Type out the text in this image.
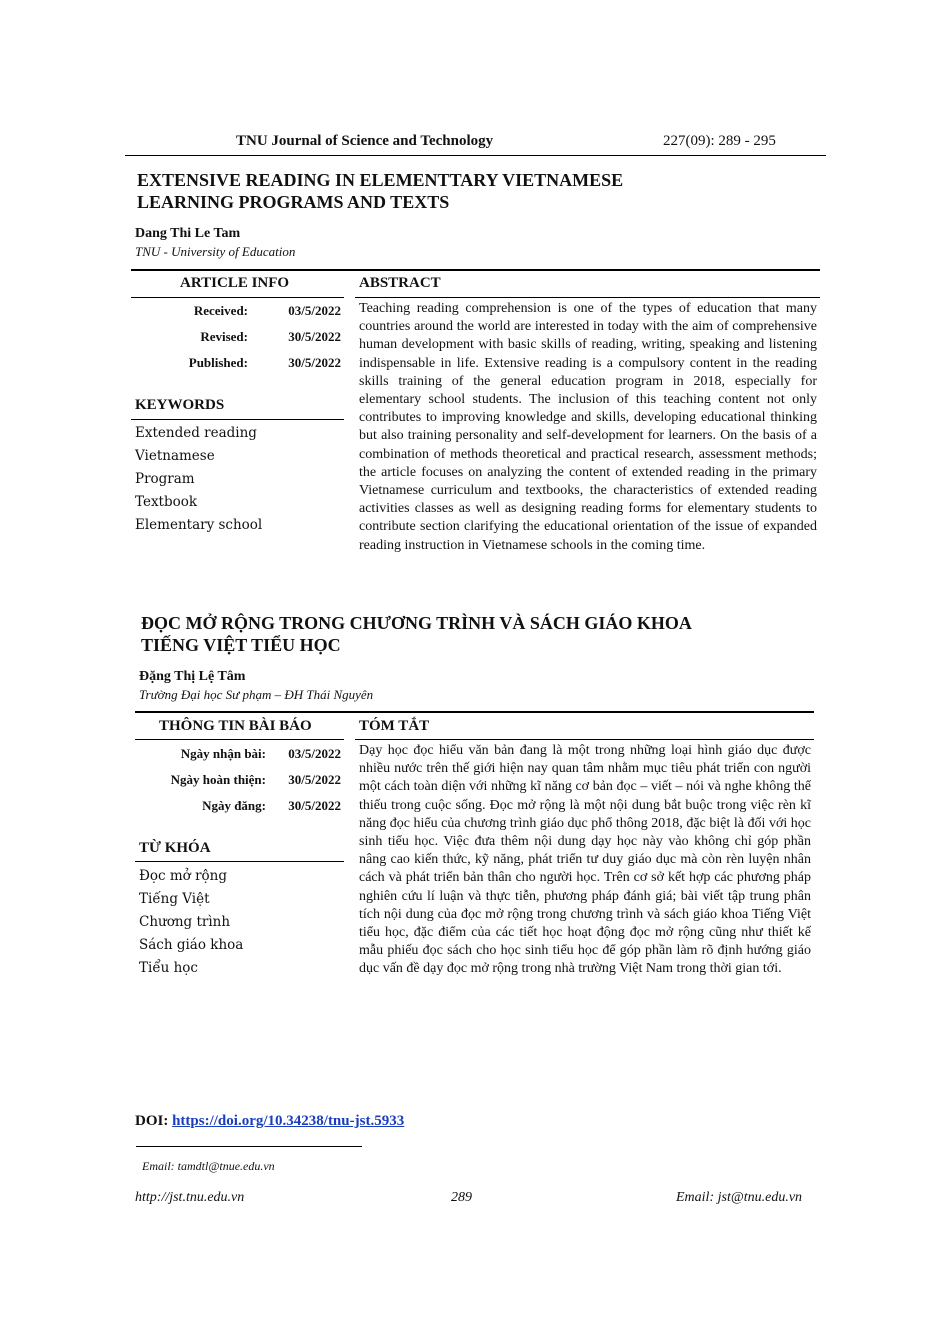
TNU Journal of Science and Technology	227(09): 289 - 295
EXTENSIVE READING IN ELEMENTTARY VIETNAMESE
LEARNING PROGRAMS AND TEXTS
Dang Thi Le Tam
TNU - University of Education
ARTICLE INFO	ABSTRACT
Received:	03/5/2022
Revised:	30/5/2022
Published:	30/5/2022
KEYWORDS
Extended reading
Vietnamese
Program
Textbook
Elementary school
Teaching reading comprehension is one of the types of education that many countries around the world are interested in today with the aim of comprehensive human development with basic skills of reading, writing, speaking and listening indispensable in life. Extensive reading is a compulsory content in the reading skills training of the general education program in 2018, especially for elementary school students. The inclusion of this teaching content not only contributes to improving knowledge and skills, developing educational thinking but also training personality and self-development for learners. On the basis of a combination of methods theoretical and practical research, assessment methods; the article focuses on analyzing the content of extended reading in the primary Vietnamese curriculum and textbooks, the characteristics of extended reading activities classes as well as designing reading forms for elementary students to contribute section clarifying the educational orientation of the issue of expanded reading instruction in Vietnamese schools in the coming time.
ĐỌC MỞ RỘNG TRONG CHƯƠNG TRÌNH VÀ SÁCH GIÁO KHOA
TIẾNG VIỆT TIỂU HỌC
Đặng Thị Lệ Tâm
Trường Đại học Sư phạm – ĐH Thái Nguyên
THÔNG TIN BÀI BÁO	TÓM TẮT
Ngày nhận bài:	03/5/2022
Ngày hoàn thiện:	30/5/2022
Ngày đăng:	30/5/2022
TỪ KHÓA
Đọc mở rộng
Tiếng Việt
Chương trình
Sách giáo khoa
Tiểu học
Dạy học đọc hiểu văn bản đang là một trong những loại hình giáo dục được nhiều nước trên thế giới hiện nay quan tâm nhằm mục tiêu phát triển con người một cách toàn diện với những kĩ năng cơ bản đọc – viết – nói và nghe không thể thiếu trong cuộc sống. Đọc mở rộng là một nội dung bắt buộc trong việc rèn kĩ năng đọc hiểu của chương trình giáo dục phổ thông 2018, đặc biệt là đối với học sinh tiểu học. Việc đưa thêm nội dung dạy học này vào không chỉ góp phần nâng cao kiến thức, kỹ năng, phát triển tư duy giáo dục mà còn rèn luyện nhân cách và phát triển bản thân cho người học. Trên cơ sở kết hợp các phương pháp nghiên cứu lí luận và thực tiễn, phương pháp đánh giá; bài viết tập trung phân tích nội dung của đọc mở rộng trong chương trình và sách giáo khoa Tiếng Việt tiểu học, đặc điểm của các tiết học hoạt động đọc mở rộng cũng như thiết kế mẫu phiếu đọc sách cho học sinh tiểu học để góp phần làm rõ định hướng giáo dục vấn đề dạy đọc mở rộng trong nhà trường Việt Nam trong thời gian tới.
DOI: https://doi.org/10.34238/tnu-jst.5933
Email: tamdtl@tnue.edu.vn
http://jst.tnu.edu.vn	289	Email: jst@tnu.edu.vn
